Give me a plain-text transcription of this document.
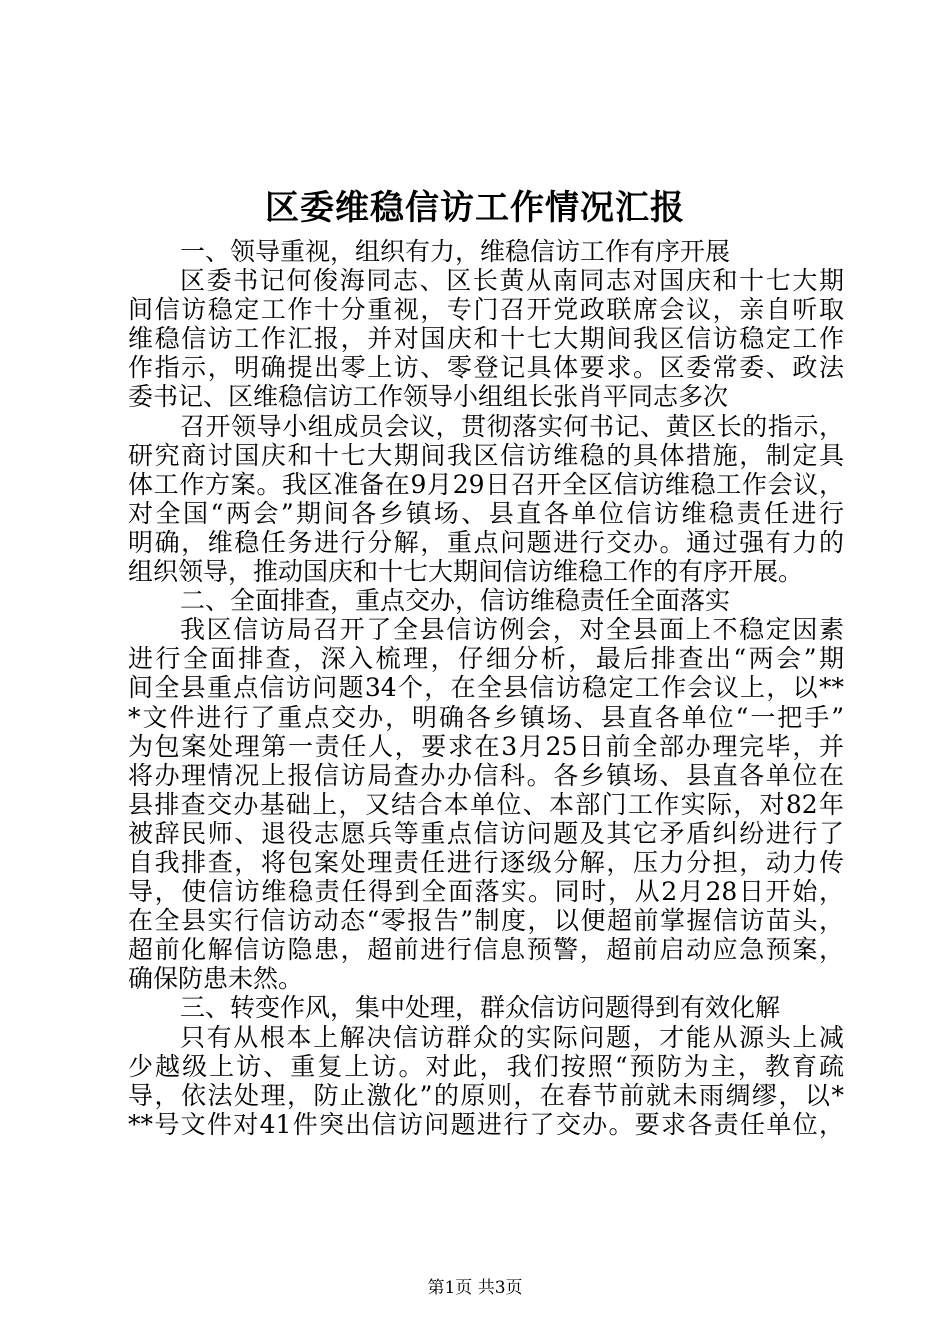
区委维稳信访工作情况汇报
一、领导重视，组织有力，维稳信访工作有序开展
区委书记何俊海同志、区长黄从南同志对国庆和十七大期
间信访稳定工作十分重视，专门召开党政联席会议，亲自听取
维稳信访工作汇报，并对国庆和十七大期间我区信访稳定工作
作指示，明确提出零上访、零登记具体要求。区委常委、政法
委书记、区维稳信访工作领导小组组长张肖平同志多次
召开领导小组成员会议，贯彻落实何书记、黄区长的指示，
研究商讨国庆和十七大期间我区信访维稳的具体措施，制定具
体工作方案。我区准备在9月29日召开全区信访维稳工作会议，
对全国“两会”期间各乡镇场、县直各单位信访维稳责任进行
明确，维稳任务进行分解，重点问题进行交办。通过强有力的
组织领导，推动国庆和十七大期间信访维稳工作的有序开展。
二、全面排查，重点交办，信访维稳责任全面落实
我区信访局召开了全县信访例会，对全县面上不稳定因素
进行全面排查，深入梳理，仔细分析，最后排查出“两会”期
间全县重点信访问题34个，在全县信访稳定工作会议上，以**
*文件进行了重点交办，明确各乡镇场、县直各单位“一把手”
为包案处理第一责任人，要求在3月25日前全部办理完毕，并
将办理情况上报信访局查办办信科。各乡镇场、县直各单位在
县排查交办基础上，又结合本单位、本部门工作实际，对82年
被辞民师、退役志愿兵等重点信访问题及其它矛盾纠纷进行了
自我排查，将包案处理责任进行逐级分解，压力分担，动力传
导，使信访维稳责任得到全面落实。同时，从2月28日开始，
在全县实行信访动态“零报告”制度，以便超前掌握信访苗头，
超前化解信访隐患，超前进行信息预警，超前启动应急预案，
确保防患未然。
三、转变作风，集中处理，群众信访问题得到有效化解
只有从根本上解决信访群众的实际问题，才能从源头上减
少越级上访、重复上访。对此，我们按照“预防为主，教育疏
导，依法处理，防止激化”的原则，在春节前就未雨绸缪，以*
**号文件对41件突出信访问题进行了交办。要求各责任单位，
第1页 共3页
